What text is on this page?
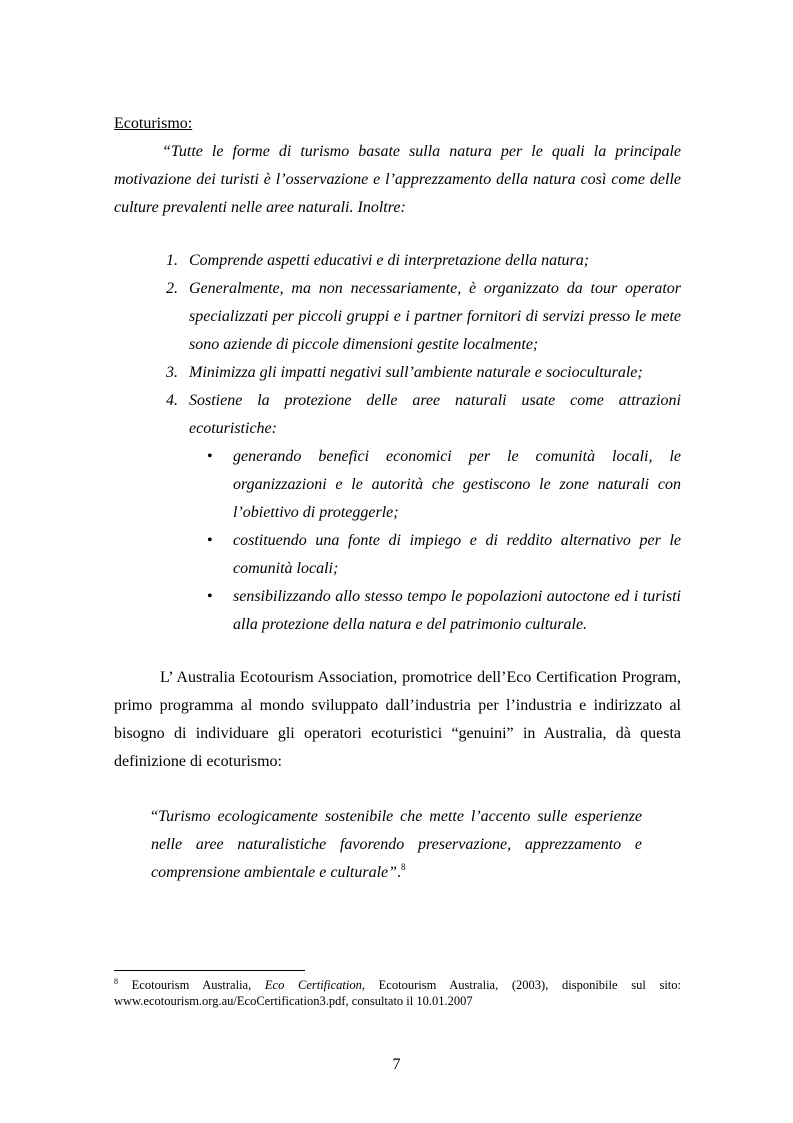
Ecoturismo:

“Tutte le forme di turismo basate sulla natura per le quali la principale motivazione dei turisti è l’osservazione e l’apprezzamento della natura così come delle culture prevalenti nelle aree naturali. Inoltre:

1. Comprende aspetti educativi e di interpretazione della natura;
2. Generalmente, ma non necessariamente, è organizzato da tour operator specializzati per piccoli gruppi e i partner fornitori di servizi presso le mete sono aziende di piccole dimensioni gestite localmente;
3. Minimizza gli impatti negativi sull’ambiente naturale e socioculturale;
4. Sostiene la protezione delle aree naturali usate come attrazioni ecoturistiche:
• generando benefici economici per le comunità locali, le organizzazioni e le autorità che gestiscono le zone naturali con l’obiettivo di proteggerle;
• costituendo una fonte di impiego e di reddito alternativo per le comunità locali;
• sensibilizzando allo stesso tempo le popolazioni autoctone ed i turisti alla protezione della natura e del patrimonio culturale.

L’ Australia Ecotourism Association, promotrice dell’Eco Certification Program, primo programma al mondo sviluppato dall’industria per l’industria e indirizzato al bisogno di individuare gli operatori ecoturistici “genuini” in Australia, dà questa definizione di ecoturismo:

“Turismo ecologicamente sostenibile che mette l’accento sulle esperienze nelle aree naturalistiche favorendo preservazione, apprezzamento e comprensione ambientale e culturale”.$^8$

$^8$ Ecotourism Australia, Eco Certification, Ecotourism Australia, (2003), disponibile sul sito: www.ecotourism.org.au/EcoCertification3.pdf, consultato il 10.01.2007

7
